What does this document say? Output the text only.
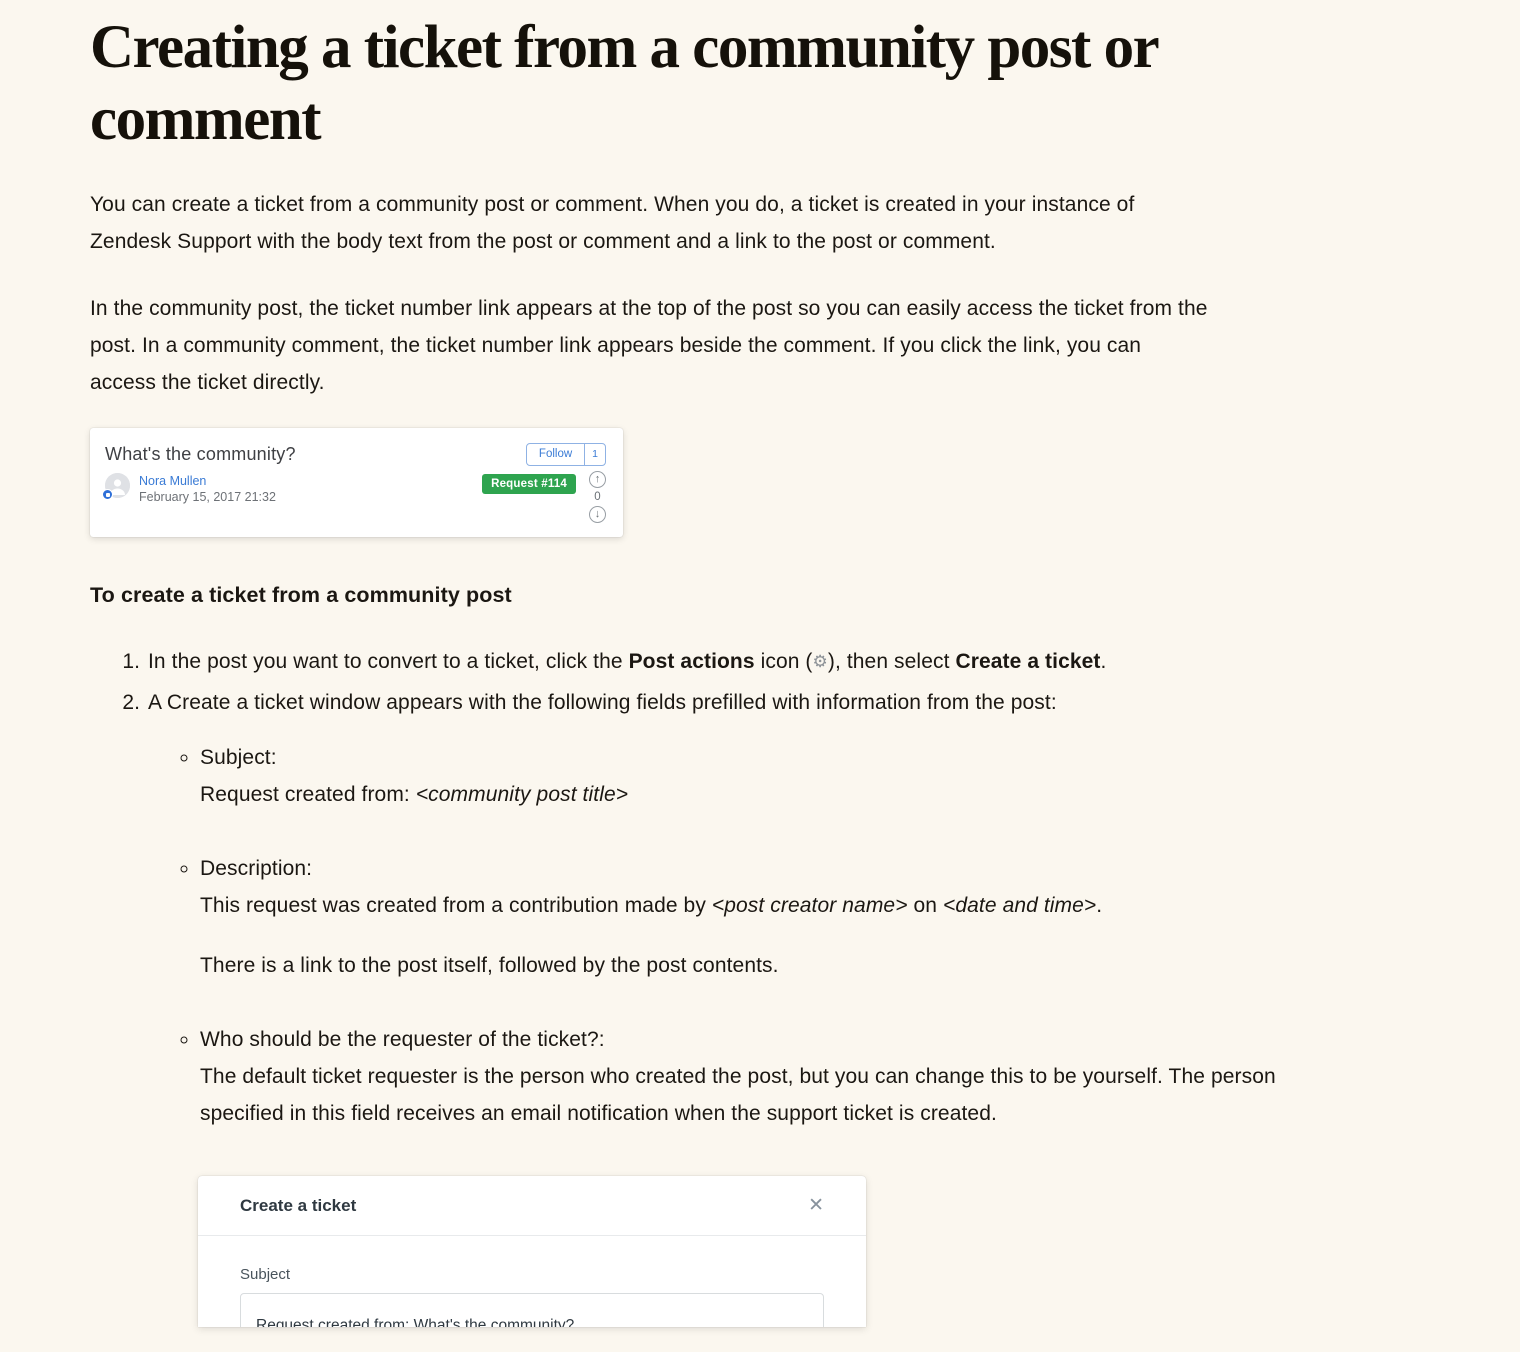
Creating a ticket from a community post or comment

You can create a ticket from a community post or comment. When you do, a ticket is created in your instance of Zendesk Support with the body text from the post or comment and a link to the post or comment.

In the community post, the ticket number link appears at the top of the post so you can easily access the ticket from the post. In a community comment, the ticket number link appears beside the comment. If you click the link, you can access the ticket directly.

What's the community?	Follow	1
Nora Mullen
February 15, 2017 21:32
Request #114	↑
0
↓
To create a ticket from a community post
1. In the post you want to convert to a ticket, click the Post actions icon (⚙), then select Create a ticket.
2. A Create a ticket window appears with the following fields prefilled with information from the post:
◦ Subject:
Request created from: <community post title>
◦ Description:
This request was created from a contribution made by <post creator name> on <date and time>.
There is a link to the post itself, followed by the post contents.
◦ Who should be the requester of the ticket?:
The default ticket requester is the person who created the post, but you can change this to be yourself. The person specified in this field receives an email notification when the support ticket is created.
Create a ticket	✕
Subject
Request created from: What's the community?
